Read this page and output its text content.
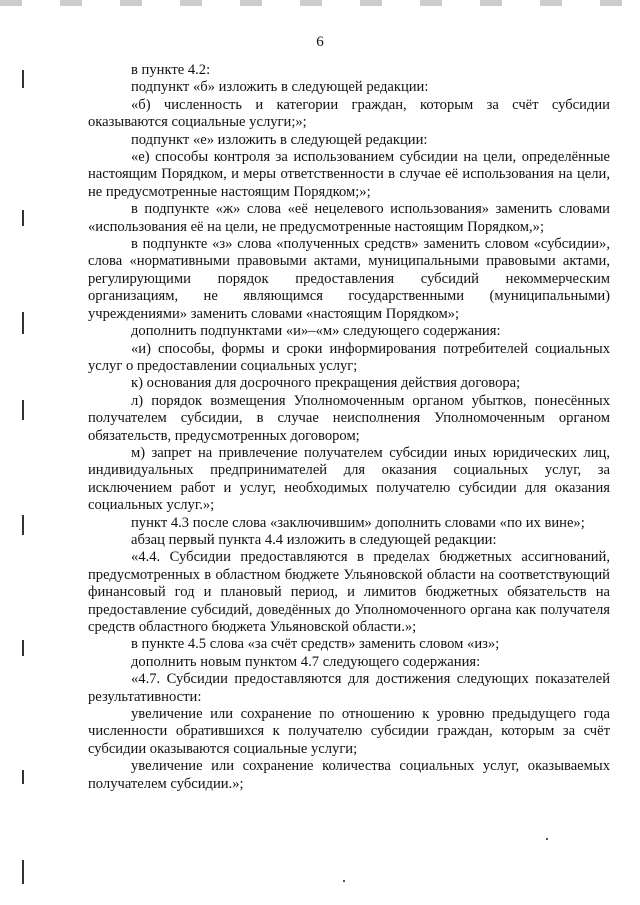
6

в пункте 4.2:

подпункт «б» изложить в следующей редакции:

«б) численность и категории граждан, которым за счёт субсидии оказываются социальные услуги;»;

подпункт «е» изложить в следующей редакции:

«е) способы контроля за использованием субсидии на цели, определённые настоящим Порядком, и меры ответственности в случае её использования на цели, не предусмотренные настоящим Порядком;»;

в подпункте «ж» слова «её нецелевого использования» заменить словами «использования её на цели, не предусмотренные настоящим Порядком,»;

в подпункте «з» слова «полученных средств» заменить словом «субсидии», слова «нормативными правовыми актами, муниципальными правовыми актами, регулирующими порядок предоставления субсидий некоммерческим организациям, не являющимся государственными (муниципальными) учреждениями» заменить словами «настоящим Порядком»;

дополнить подпунктами «и»–«м» следующего содержания:

«и) способы, формы и сроки информирования потребителей социальных услуг о предоставлении социальных услуг;

к) основания для досрочного прекращения действия договора;

л) порядок возмещения Уполномоченным органом убытков, понесённых получателем субсидии, в случае неисполнения Уполномоченным органом обязательств, предусмотренных договором;

м) запрет на привлечение получателем субсидии иных юридических лиц, индивидуальных предпринимателей для оказания социальных услуг, за исключением работ и услуг, необходимых получателю субсидии для оказания социальных услуг.»;

пункт 4.3 после слова «заключившим» дополнить словами «по их вине»;

абзац первый пункта 4.4 изложить в следующей редакции:

«4.4. Субсидии предоставляются в пределах бюджетных ассигнований, предусмотренных в областном бюджете Ульяновской области на соответствующий финансовый год и плановый период, и лимитов бюджетных обязательств на предоставление субсидий, доведённых до Уполномоченного органа как получателя средств областного бюджета Ульяновской области.»;

в пункте 4.5 слова «за счёт средств» заменить словом «из»;

дополнить новым пунктом 4.7 следующего содержания:

«4.7. Субсидии предоставляются для достижения следующих показателей результативности:

увеличение или сохранение по отношению к уровню предыдущего года численности обратившихся к получателю субсидии граждан, которым за счёт субсидии оказываются социальные услуги;

увеличение или сохранение количества социальных услуг, оказываемых получателем субсидии.»;
